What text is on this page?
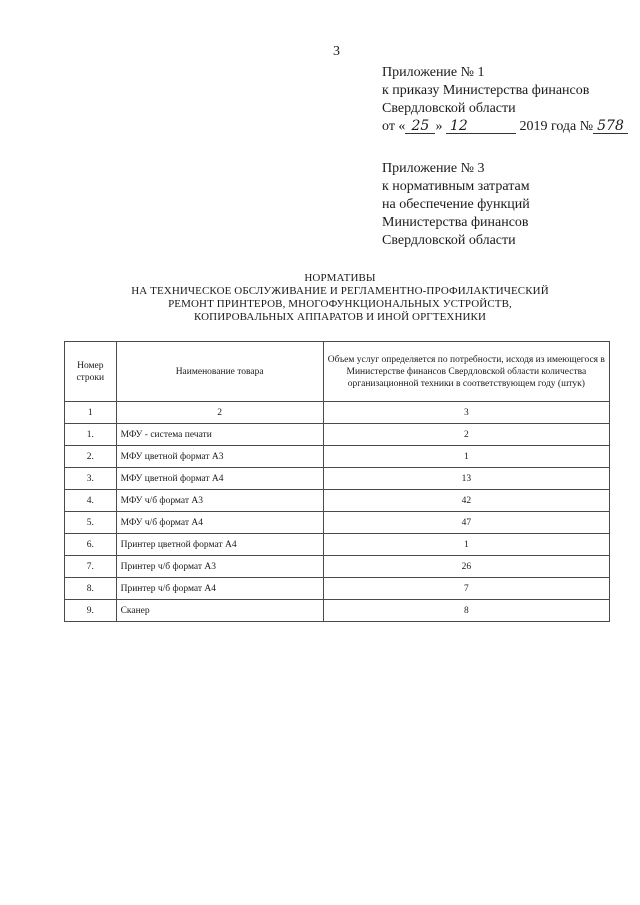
3
Приложение № 1
к приказу Министерства финансов
Свердловской области
от « 25 » 12	2019 года № 578
Приложение № 3
к нормативным затратам
на обеспечение функций
Министерства финансов
Свердловской области
НОРМАТИВЫ
НА ТЕХНИЧЕСКОЕ ОБСЛУЖИВАНИЕ И РЕГЛАМЕНТНО-ПРОФИЛАКТИЧЕСКИЙ
РЕМОНТ ПРИНТЕРОВ, МНОГОФУНКЦИОНАЛЬНЫХ УСТРОЙСТВ,
КОПИРОВАЛЬНЫХ АППАРАТОВ И ИНОЙ ОРГТЕХНИКИ
Номер строки	Наименование товара	Объем услуг определяется по потребности, исходя из имеющегося в Министерстве финансов Свердловской области количества организационной техники в соответствующем году (штук)
1	2	3
1.	МФУ - система печати	2
2.	МФУ цветной формат А3	1
3.	МФУ цветной формат А4	13
4.	МФУ ч/б формат А3	42
5.	МФУ ч/б формат А4	47
6.	Принтер цветной формат А4	1
7.	Принтер ч/б формат А3	26
8.	Принтер ч/б формат А4	7
9.	Сканер	8
